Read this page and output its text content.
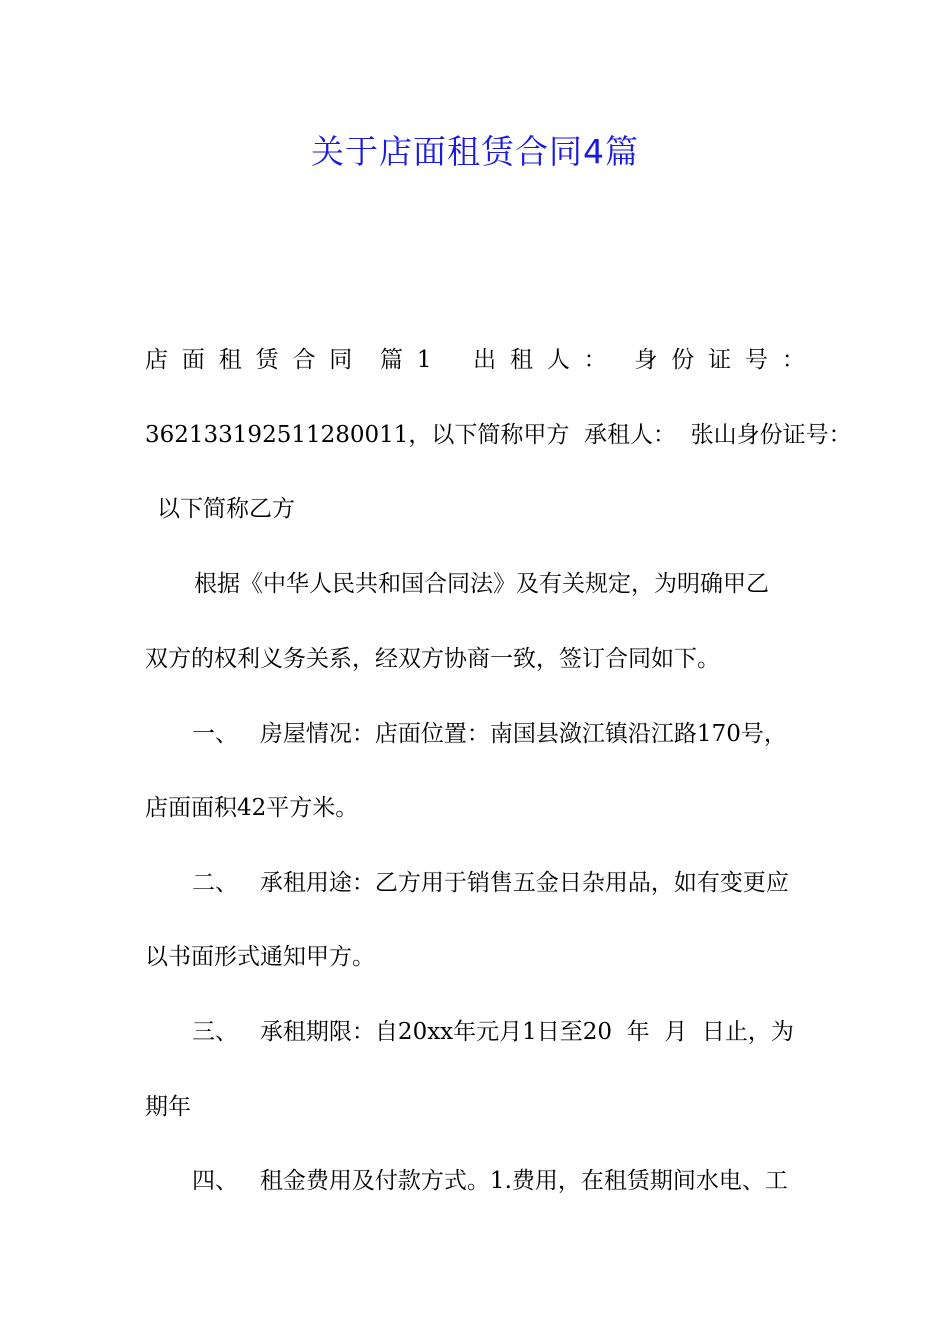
关于店面租赁合同4篇
店 面 租 赁 合 同 篇 1 出 租 人 ： 身 份 证 号 ：
362133192511280011，以下简称甲方  承租人：  张山身份证号：
以下简称乙方
根据《中华人民共和国合同法》及有关规定，为明确甲乙
双方的权利义务关系，经双方协商一致，签订合同如下。
一、   房屋情况：店面位置：南国县潋江镇沿江路170号，
店面面积42平方米。
二、   承租用途：乙方用于销售五金日杂用品，如有变更应
以书面形式通知甲方。
三、   承租期限：自20xx年元月1日至20  年  月  日止，为
期年
四、   租金费用及付款方式。1.费用，在租赁期间水电、工
